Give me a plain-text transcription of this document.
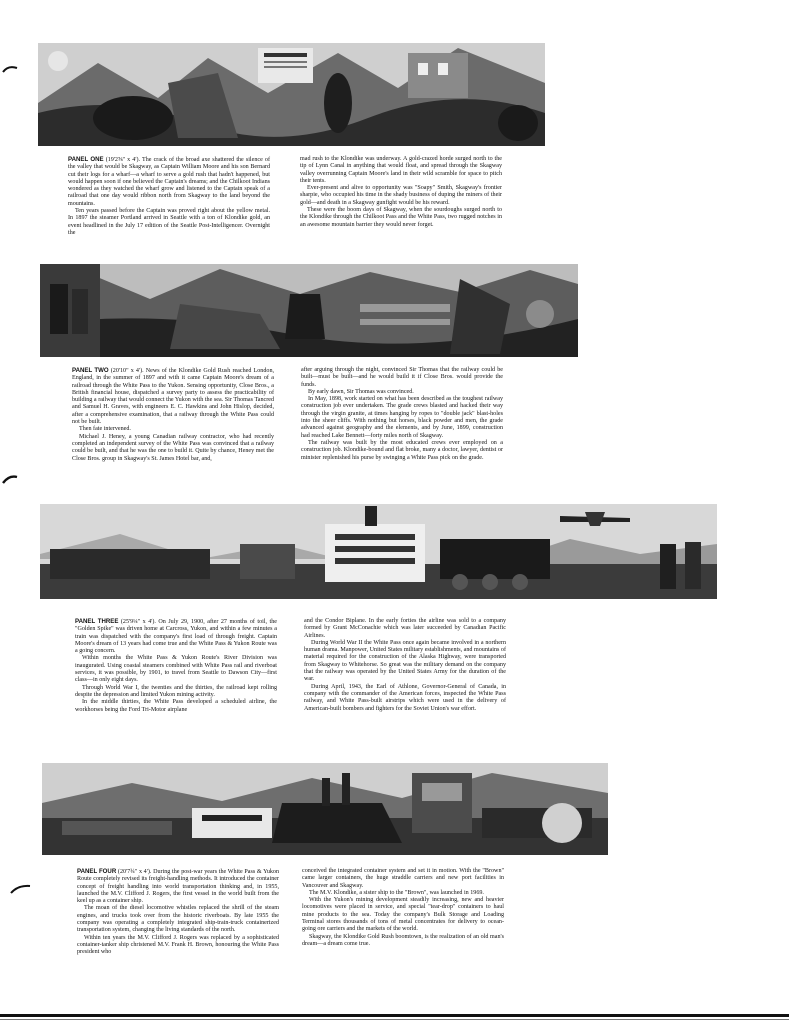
PANEL ONE (19'2⅝" x 4'). The crack of the broad axe shattered the silence of the valley that would be Skagway, as Captain William Moore and his son Bernard cut their logs for a wharf—a wharf to serve a gold rush that hadn't happened, but would happen soon if one believed the Captain's dreams; and the Chilkoot Indians wondered as they watched the wharf grow and listened to the Captain speak of a railroad that one day would ribbon north from Skagway to the land beyond the mountains.

Ten years passed before the Captain was proved right about the yellow metal. In 1897 the steamer Portland arrived in Seattle with a ton of Klondike gold, an event headlined in the July 17 edition of the Seattle Post-Intelligencer. Overnight the

mad rush to the Klondike was underway. A gold-crazed horde surged north to the tip of Lynn Canal in anything that would float, and spread through the Skagway valley overrunning Captain Moore's land in their wild scramble for space to pitch their tents.

Ever-present and alive to opportunity was "Soapy" Smith, Skagway's frontier sharpie, who occupied his time in the shady business of duping the miners of their gold—and death in a Skagway gunfight would be his reward.

These were the boom days of Skagway, when the sourdoughs surged north to the Klondike through the Chilkoot Pass and the White Pass, two rugged notches in an awesome mountain barrier they would never forget.

PANEL TWO (20'10" x 4'). News of the Klondike Gold Rush reached London, England, in the summer of 1897 and with it came Captain Moore's dream of a railroad through the White Pass to the Yukon. Sensing opportunity, Close Bros., a British financial house, dispatched a survey party to assess the practicability of building a railway that would connect the Yukon with the sea. Sir Thomas Tancred and Samuel H. Graves, with engineers E. C. Hawkins and John Hislop, decided, after a comprehensive examination, that a railway through the White Pass could not be built.

Then fate intervened.

Michael J. Heney, a young Canadian railway contractor, who had recently completed an independent survey of the White Pass was convinced that a railway could be built, and that he was the one to build it. Quite by chance, Heney met the Close Bros. group in Skagway's St. James Hotel bar, and,

after arguing through the night, convinced Sir Thomas that the railway could be built—must be built—and he would build it if Close Bros. would provide the funds.

By early dawn, Sir Thomas was convinced.

In May, 1898, work started on what has been described as the toughest railway construction job ever undertaken. The grade crews blasted and hacked their way through the virgin granite, at times hanging by ropes to "double jack" blast-holes into the sheer cliffs. With nothing but horses, black powder and men, the grade advanced against geography and the elements, and by June, 1899, construction had reached Lake Bennett—forty miles north of Skagway.

The railway was built by the most educated crews ever employed on a construction job. Klondike-bound and flat broke, many a doctor, lawyer, dentist or minister replenished his purse by swinging a White Pass pick on the grade.

PANEL THREE (25'9¼" x 4'). On July 29, 1900, after 27 months of toil, the "Golden Spike" was driven home at Carcross, Yukon, and within a few minutes a train was dispatched with the company's first load of through freight. Captain Moore's dream of 13 years had come true and the White Pass & Yukon Route was a going concern.

Within months the White Pass & Yukon Route's River Division was inaugurated. Using coastal steamers combined with White Pass rail and riverboat services, it was possible, by 1901, to travel from Seattle to Dawson City—first class—in only eight days.

Through World War I, the twenties and the thirties, the railroad kept rolling despite the depression and limited Yukon mining activity.

In the middle thirties, the White Pass developed a scheduled airline, the workhorses being the Ford Tri-Motor airplane

and the Condor Biplane. In the early forties the airline was sold to a company formed by Grant McConachie which was later succeeded by Canadian Pacific Airlines.

During World War II the White Pass once again became involved in a northern human drama. Manpower, United States military establishments, and mountains of material required for the construction of the Alaska Highway, were transported from Skagway to Whitehorse. So great was the military demand on the company that the railway was operated by the United States Army for the duration of the war.

During April, 1943, the Earl of Athlone, Governor-General of Canada, in company with the commander of the American forces, inspected the White Pass railway, and White Pass-built airstrips which were used in the delivery of American-built bombers and fighters for the Soviet Union's war effort.

PANEL FOUR (20'7¾" x 4'). During the post-war years the White Pass & Yukon Route completely revised its freight-handling methods. It introduced the container concept of freight handling into world transportation thinking and, in 1955, launched the M.V. Clifford J. Rogers, the first vessel in the world built from the keel up as a container ship.

The moan of the diesel locomotive whistles replaced the shrill of the steam engines, and trucks took over from the historic riverboats. By late 1955 the company was operating a completely integrated ship-train-truck containerized transportation system, changing the living standards of the north.

Within ten years the M.V. Clifford J. Rogers was replaced by a sophisticated container-tanker ship christened M.V. Frank H. Brown, honouring the White Pass president who

conceived the integrated container system and set it in motion. With the "Brown" came larger containers, the huge straddle carriers and new port facilities in Vancouver and Skagway.

The M.V. Klondike, a sister ship to the "Brown", was launched in 1969.

With the Yukon's mining development steadily increasing, new and heavier locomotives were placed in service, and special "tear-drop" containers to haul mine products to the sea. Today the company's Bulk Storage and Loading Terminal stores thousands of tons of metal concentrates for delivery to ocean-going ore carriers and the markets of the world.

Skagway, the Klondike Gold Rush boomtown, is the realization of an old man's dream—a dream come true.
